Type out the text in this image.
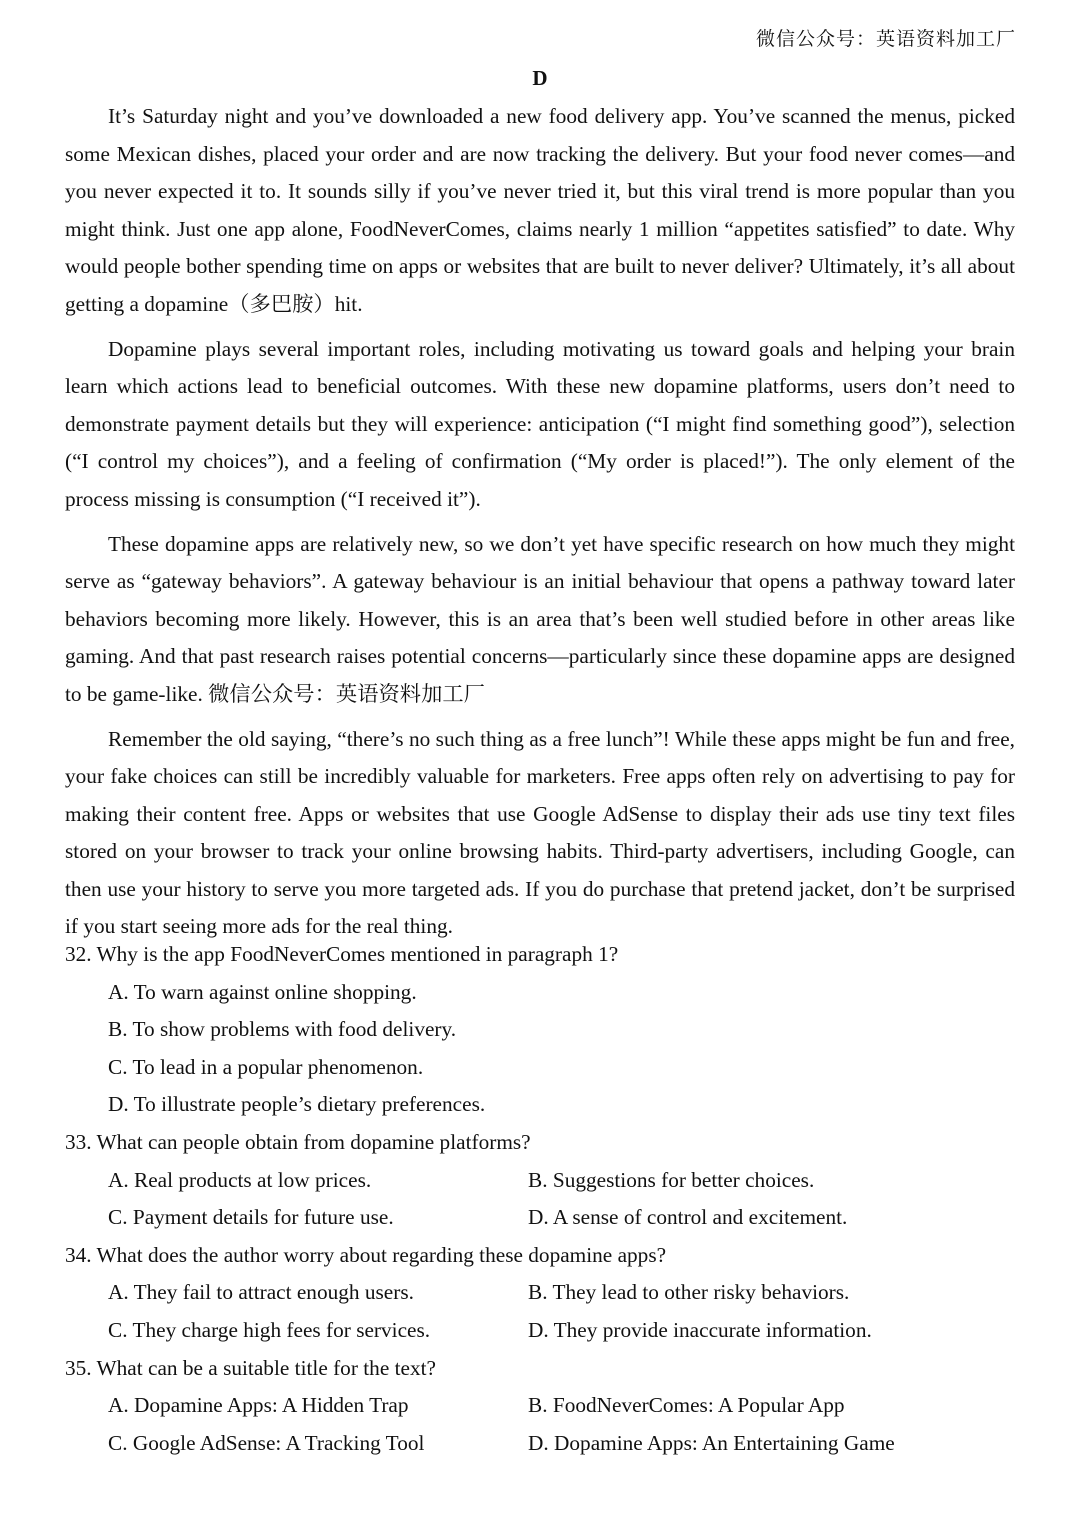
微信公众号：英语资料加工厂
D

It’s Saturday night and you’ve downloaded a new food delivery app. You’ve scanned the menus, picked some Mexican dishes, placed your order and are now tracking the delivery. But your food never comes—and you never expected it to. It sounds silly if you’ve never tried it, but this viral trend is more popular than you might think. Just one app alone, FoodNeverComes, claims nearly 1 million “appetites satisfied” to date. Why would people bother spending time on apps or websites that are built to never deliver? Ultimately, it’s all about getting a dopamine（多巴胺）hit.

Dopamine plays several important roles, including motivating us toward goals and helping your brain learn which actions lead to beneficial outcomes. With these new dopamine platforms, users don’t need to demonstrate payment details but they will experience: anticipation (“I might find something good”), selection (“I control my choices”), and a feeling of confirmation (“My order is placed!”). The only element of the process missing is consumption (“I received it”).

These dopamine apps are relatively new, so we don’t yet have specific research on how much they might serve as “gateway behaviors”. A gateway behaviour is an initial behaviour that opens a pathway toward later behaviors becoming more likely. However, this is an area that’s been well studied before in other areas like gaming. And that past research raises potential concerns—particularly since these dopamine apps are designed to be game-like. 微信公众号：英语资料加工厂

Remember the old saying, “there’s no such thing as a free lunch”! While these apps might be fun and free, your fake choices can still be incredibly valuable for marketers. Free apps often rely on advertising to pay for making their content free. Apps or websites that use Google AdSense to display their ads use tiny text files stored on your browser to track your online browsing habits. Third-party advertisers, including Google, can then use your history to serve you more targeted ads. If you do purchase that pretend jacket, don’t be surprised if you start seeing more ads for the real thing.

32. Why is the app FoodNeverComes mentioned in paragraph 1?
A. To warn against online shopping.
B. To show problems with food delivery.
C. To lead in a popular phenomenon.
D. To illustrate people’s dietary preferences.
33. What can people obtain from dopamine platforms?
A. Real products at low prices.	B. Suggestions for better choices.
C. Payment details for future use.	D. A sense of control and excitement.
34. What does the author worry about regarding these dopamine apps?
A. They fail to attract enough users.	B. They lead to other risky behaviors.
C. They charge high fees for services.	D. They provide inaccurate information.
35. What can be a suitable title for the text?
A. Dopamine Apps: A Hidden Trap	B. FoodNeverComes: A Popular App
C. Google AdSense: A Tracking Tool	D. Dopamine Apps: An Entertaining Game
